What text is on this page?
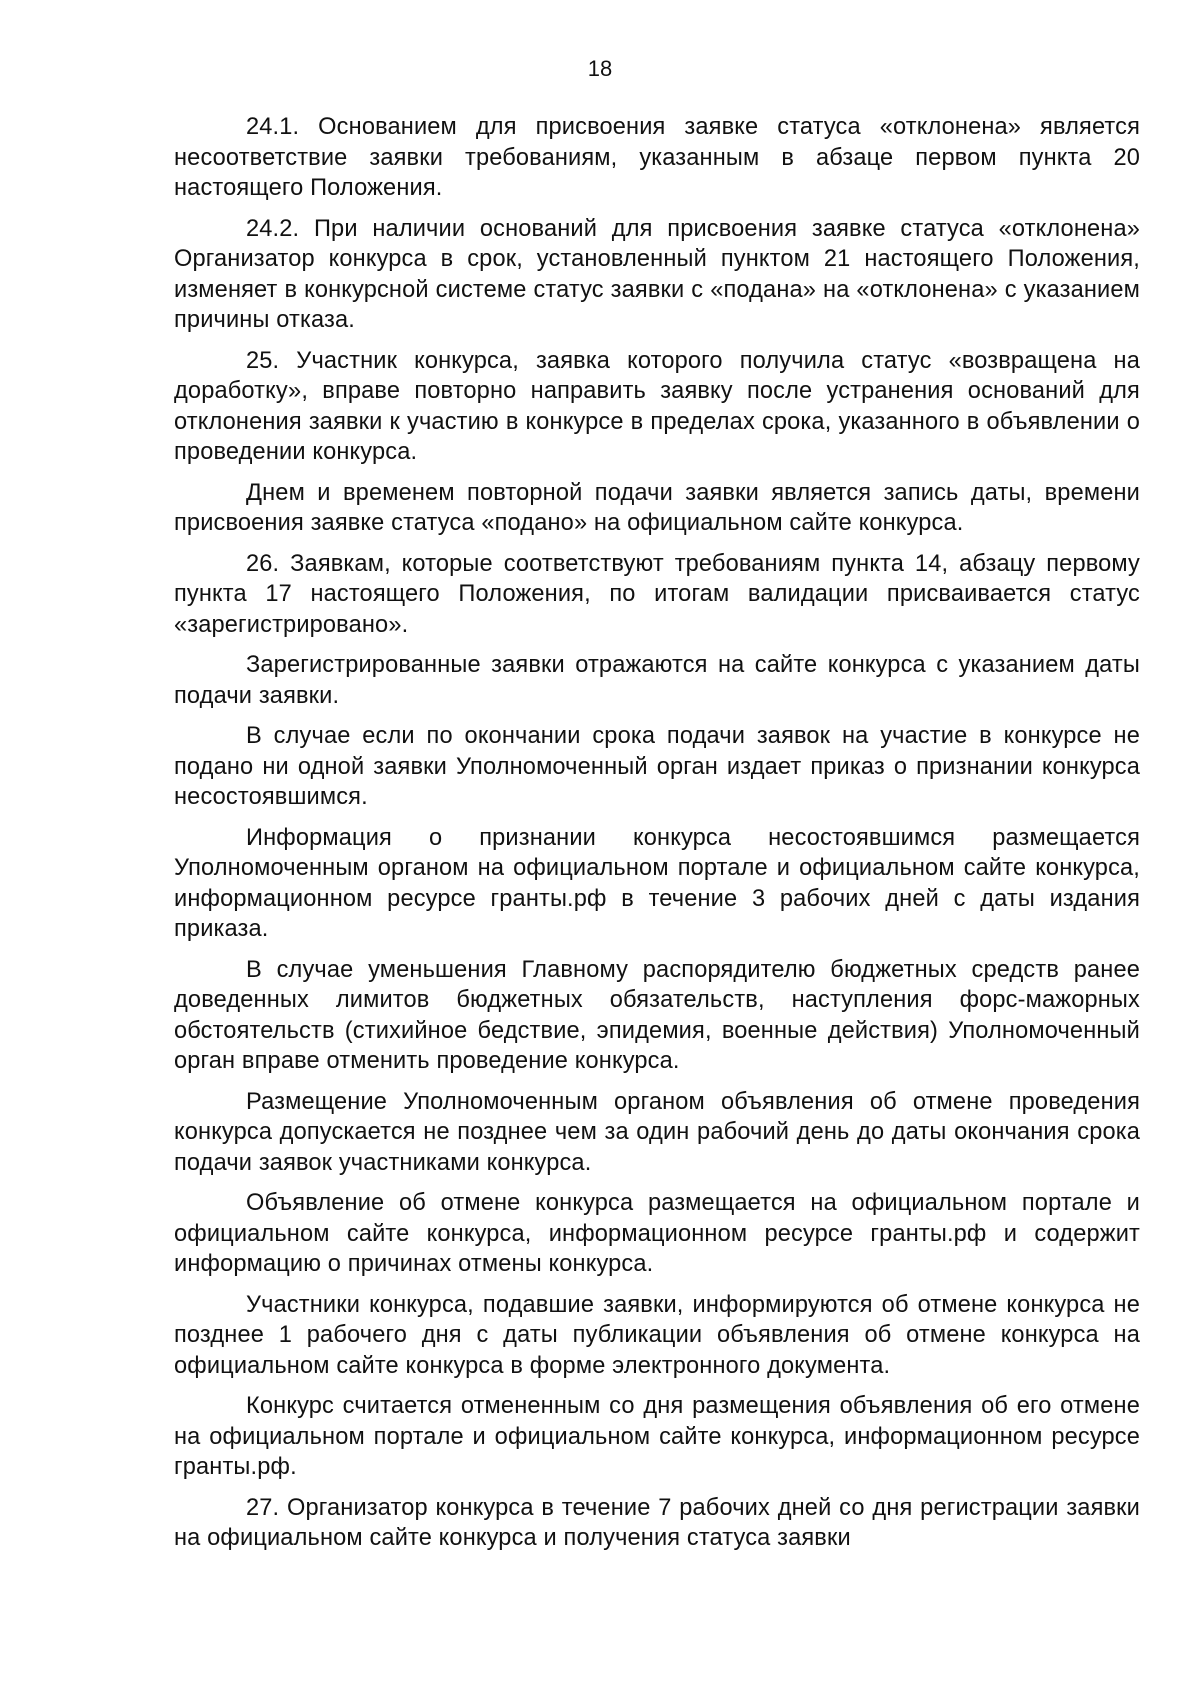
18

24.1. Основанием для присвоения заявке статуса «отклонена» является несоответствие заявки требованиям, указанным в абзаце первом пункта 20 настоящего Положения.

24.2. При наличии оснований для присвоения заявке статуса «отклонена» Организатор конкурса в срок, установленный пунктом 21 настоящего Положения, изменяет в конкурсной системе статус заявки с «подана» на «отклонена» с указанием причины отказа.

25. Участник конкурса, заявка которого получила статус «возвращена на доработку», вправе повторно направить заявку после устранения оснований для отклонения заявки к участию в конкурсе в пределах срока, указанного в объявлении о проведении конкурса.

Днем и временем повторной подачи заявки является запись даты, времени присвоения заявке статуса «подано» на официальном сайте конкурса.

26. Заявкам, которые соответствуют требованиям пункта 14, абзацу первому пункта 17 настоящего Положения, по итогам валидации присваивается статус «зарегистрировано».

Зарегистрированные заявки отражаются на сайте конкурса с указанием даты подачи заявки.

В случае если по окончании срока подачи заявок на участие в конкурсе не подано ни одной заявки Уполномоченный орган издает приказ о признании конкурса несостоявшимся.

Информация о признании конкурса несостоявшимся размещается Уполномоченным органом на официальном портале и официальном сайте конкурса, информационном ресурсе гранты.рф в течение 3 рабочих дней с даты издания приказа.

В случае уменьшения Главному распорядителю бюджетных средств ранее доведенных лимитов бюджетных обязательств, наступления форс-мажорных обстоятельств (стихийное бедствие, эпидемия, военные действия) Уполномоченный орган вправе отменить проведение конкурса.

Размещение Уполномоченным органом объявления об отмене проведения конкурса допускается не позднее чем за один рабочий день до даты окончания срока подачи заявок участниками конкурса.

Объявление об отмене конкурса размещается на официальном портале и официальном сайте конкурса, информационном ресурсе гранты.рф и содержит информацию о причинах отмены конкурса.

Участники конкурса, подавшие заявки, информируются об отмене конкурса не позднее 1 рабочего дня с даты публикации объявления об отмене конкурса на официальном сайте конкурса в форме электронного документа.

Конкурс считается отмененным со дня размещения объявления об его отмене на официальном портале и официальном сайте конкурса, информационном ресурсе гранты.рф.

27. Организатор конкурса в течение 7 рабочих дней со дня регистрации заявки на официальном сайте конкурса и получения статуса заявки
